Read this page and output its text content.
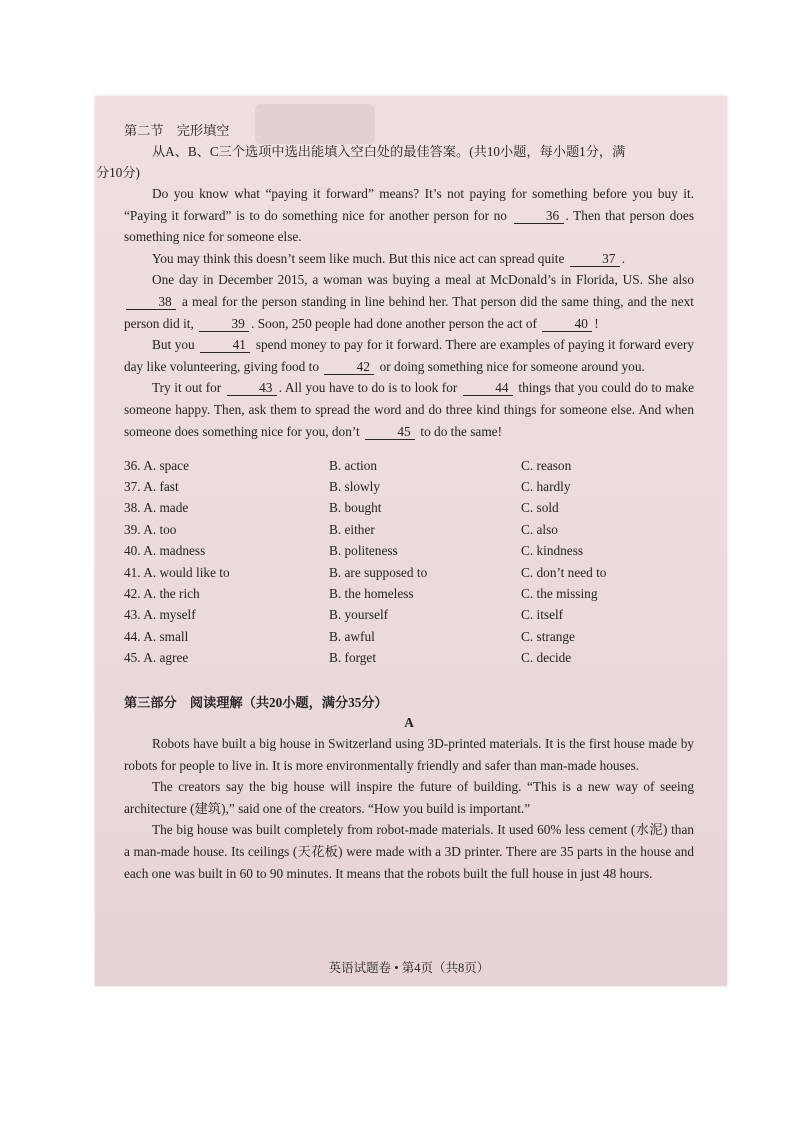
第二节　完形填空
从A、B、C三个选项中选出能填入空白处的最佳答案。(共10小题，每小题1分，满
分10分)

Do you know what “paying it forward” means? It’s not paying for something before you buy it. “Paying it forward” is to do something nice for another person for no	36 . Then that person does something nice for someone else.

You may think this doesn’t seem like much. But this nice act can spread quite	37 .

One day in December 2015, a woman was buying a meal at McDonald’s in Florida, US. She also 38 a meal for the person standing in line behind her. That person did the same thing, and the next person did it,	39 . Soon, 250 people had done another person the act of	40 !

But you	41 spend money to pay for it forward. There are examples of paying it forward every day like volunteering, giving food to	42 or doing something nice for someone around you.

Try it out for	43 . All you have to do is to look for	44 things that you could do to make someone happy. Then, ask them to spread the word and do three kind things for someone else. And when someone does something nice for you, don’t	45 to do the same!

36. A. space	B. action	C. reason
37. A. fast	B. slowly	C. hardly
38. A. made	B. bought	C. sold
39. A. too	B. either	C. also
40. A. madness	B. politeness	C. kindness
41. A. would like to	B. are supposed to	C. don’t need to
42. A. the rich	B. the homeless	C. the missing
43. A. myself	B. yourself	C. itself
44. A. small	B. awful	C. strange
45. A. agree	B. forget	C. decide
第三部分　阅读理解（共20小题，满分35分）
A

Robots have built a big house in Switzerland using 3D-printed materials. It is the first house made by robots for people to live in. It is more environmentally friendly and safer than man-made houses.

The creators say the big house will inspire the future of building. “This is a new way of seeing architecture (建筑),” said one of the creators. “How you build is important.”

The big house was built completely from robot-made materials. It used 60% less cement (水泥) than a man-made house. Its ceilings (天花板) were made with a 3D printer. There are 35 parts in the house and each one was built in 60 to 90 minutes. It means that the robots built the full house in just 48 hours.

英语试题卷 • 第4页（共8页）
